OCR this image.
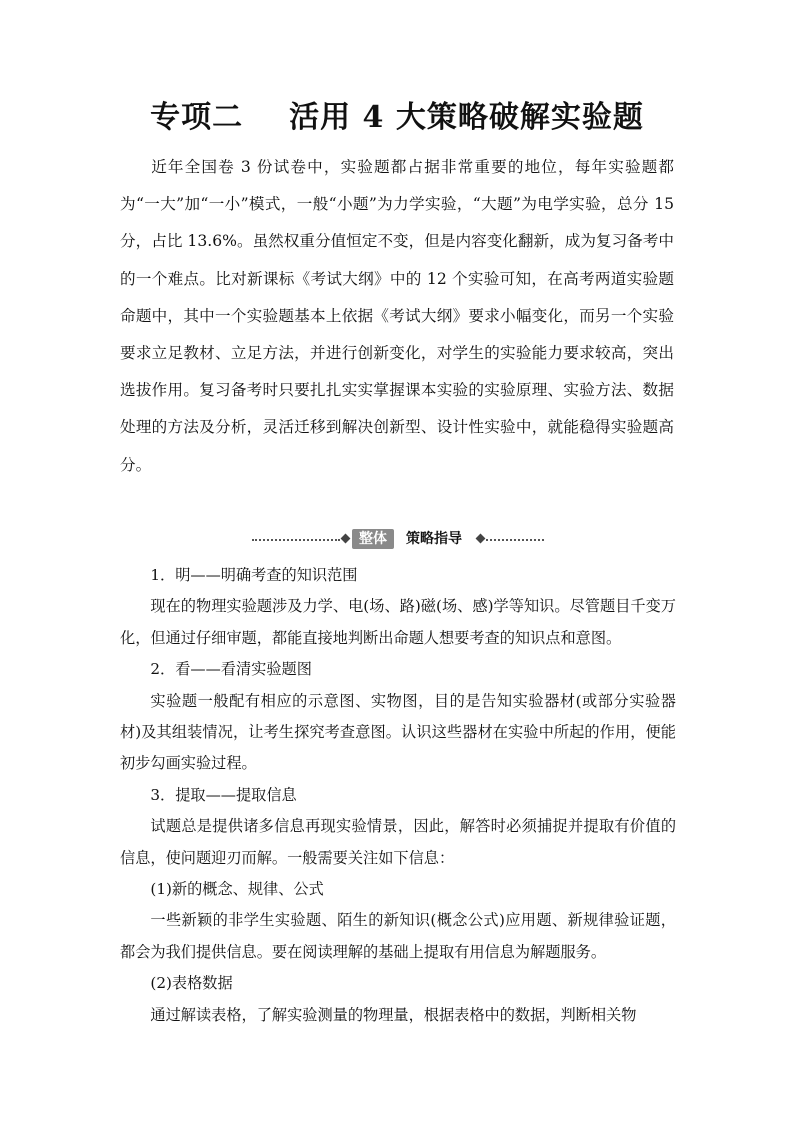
专项二 活用 4 大策略破解实验题

近年全国卷 3 份试卷中，实验题都占据非常重要的地位，每年实验题都为“一大”加“一小”模式，一般“小题”为力学实验，“大题”为电学实验，总分 15 分，占比 13.6%。虽然权重分值恒定不变，但是内容变化翻新，成为复习备考中的一个难点。比对新课标《考试大纲》中的 12 个实验可知，在高考两道实验题命题中，其中一个实验题基本上依据《考试大纲》要求小幅变化，而另一个实验要求立足教材、立足方法，并进行创新变化，对学生的实验能力要求较高，突出选拔作用。复习备考时只要扎扎实实掌握课本实验的实验原理、实验方法、数据处理的方法及分析，灵活迁移到解决创新型、设计性实验中，就能稳得实验题高分。

整体	策略指导

1．明——明确考查的知识范围

现在的物理实验题涉及力学、电(场、路)磁(场、感)学等知识。尽管题目千变万化，但通过仔细审题，都能直接地判断出命题人想要考查的知识点和意图。

2．看——看清实验题图

实验题一般配有相应的示意图、实物图，目的是告知实验器材(或部分实验器材)及其组装情况，让考生探究考查意图。认识这些器材在实验中所起的作用，便能初步勾画实验过程。

3．提取——提取信息

试题总是提供诸多信息再现实验情景，因此，解答时必须捕捉并提取有价值的信息，使问题迎刃而解。一般需要关注如下信息：

(1)新的概念、规律、公式

一些新颖的非学生实验题、陌生的新知识(概念公式)应用题、新规律验证题，都会为我们提供信息。要在阅读理解的基础上提取有用信息为解题服务。

(2)表格数据

通过解读表格，了解实验测量的物理量，根据表格中的数据，判断相关物
